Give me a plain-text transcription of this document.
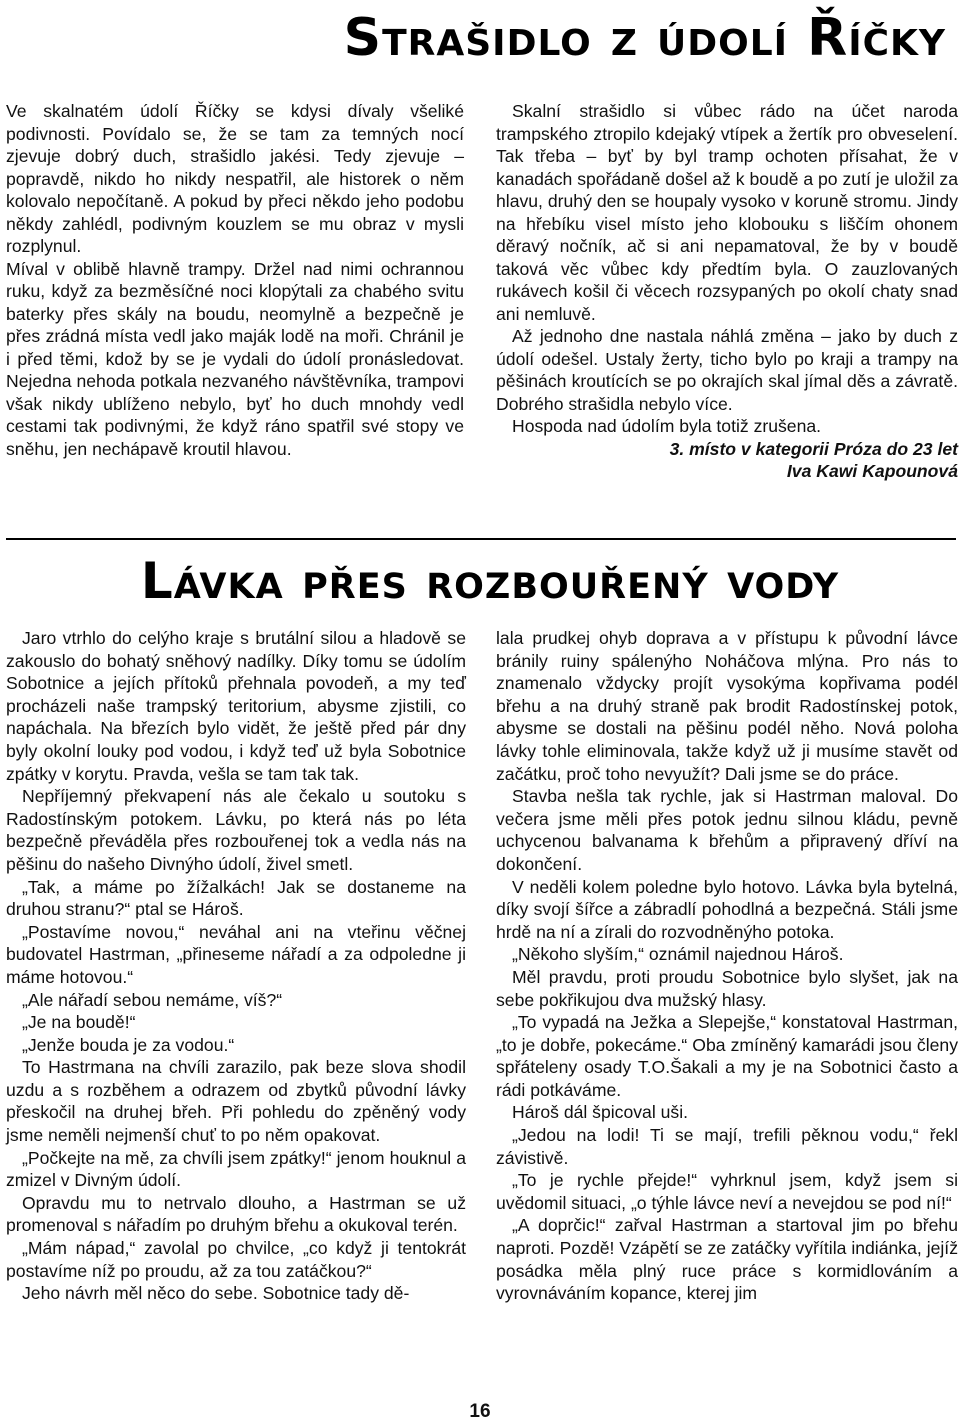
Strašidlo z údolí Říčky

Ve skalnatém údolí Říčky se kdysi dívaly všeliké podivnosti. Povídalo se, že se tam za temných nocí zjevuje dobrý duch, strašidlo jakési. Tedy zjevuje – popravdě, nikdo ho nikdy nespatřil, ale historek o něm kolovalo nepočítaně. A pokud by přeci někdo jeho podobu někdy zahlédl, podivným kouzlem se mu obraz v mysli rozplynul.

Míval v oblibě hlavně trampy. Držel nad nimi ochrannou ruku, když za bezměsíčné noci klopýtali za chabého svitu baterky přes skály na boudu, neomylně a bezpečně je přes zrádná místa vedl jako maják lodě na moři. Chránil je i před těmi, kdož by se je vydali do údolí pronásledovat. Nejedna nehoda potkala nezvaného návštěvníka, trampovi však nikdy ublíženo nebylo, byť ho duch mnohdy vedl cestami tak podivnými, že když ráno spatřil své stopy ve sněhu, jen nechápavě kroutil hlavou.

Skalní strašidlo si vůbec rádo na účet naroda trampského ztropilo kdejaký vtípek a žertík pro obveselení. Tak třeba – byť by byl tramp ochoten přísahat, že v kanadách spořádaně došel až k boudě a po zutí je uložil za hlavu, druhý den se houpaly vysoko v koruně stromu. Jindy na hřebíku visel místo jeho klobouku s liščím ohonem děravý nočník, ač si ani nepamatoval, že by v boudě taková věc vůbec kdy předtím byla. O zauzlovaných rukávech košil či věcech rozsypaných po okolí chaty snad ani nemluvě.

Až jednoho dne nastala náhlá změna – jako by duch z údolí odešel. Ustaly žerty, ticho bylo po kraji a trampy na pěšinách kroutících se po okrajích skal jímal děs a závratě. Dobrého strašidla nebylo více.

Hospoda nad údolím byla totiž zrušena.

3. místo v kategorii Próza do 23 let

Iva Kawi Kapounová

Lávka přes rozbouřený vody

Jaro vtrhlo do celýho kraje s brutální silou a hladově se zakouslo do bohatý sněhový nadílky. Díky tomu se údolím Sobotnice a jejích přítoků přehnala povodeň, a my teď procházeli naše trampský teritorium, abysme zjistili, co napáchala. Na březích bylo vidět, že ještě před pár dny byly okolní louky pod vodou, i když teď už byla Sobotnice zpátky v korytu. Pravda, vešla se tam tak tak.

Nepříjemný překvapení nás ale čekalo u soutoku s Radostínským potokem. Lávku, po která nás po léta bezpečně převáděla přes rozbouřenej tok a vedla nás na pěšinu do našeho Divnýho údolí, živel smetl.

„Tak, a máme po žížalkách! Jak se dostaneme na druhou stranu?“ ptal se Hároš.

„Postavíme novou,“ neváhal ani na vteřinu věčnej budovatel Hastrman, „přineseme nářadí a za odpoledne ji máme hotovou.“

„Ale nářadí sebou nemáme, víš?“

„Je na boudě!“

„Jenže bouda je za vodou.“

To Hastrmana na chvíli zarazilo, pak beze slova shodil uzdu a s rozběhem a odrazem od zbytků původní lávky přeskočil na druhej břeh. Při pohledu do zpěněný vody jsme neměli nejmenší chuť to po něm opakovat.

„Počkejte na mě, za chvíli jsem zpátky!“ jenom houknul a zmizel v Divným údolí.

Opravdu mu to netrvalo dlouho, a Hastrman se už promenoval s nářadím po druhým břehu a okukoval terén.

„Mám nápad,“ zavolal po chvilce, „co když ji tentokrát postavíme níž po proudu, až za tou zatáčkou?“

Jeho návrh měl něco do sebe. Sobotnice tady dě-

lala prudkej ohyb doprava a v přístupu k původní lávce bránily ruiny spálenýho Noháčova mlýna. Pro nás to znamenalo vždycky projít vysokýma kopřivama podél břehu a na druhý straně pak brodit Radostínskej potok, abysme se dostali na pěšinu podél něho. Nová poloha lávky tohle eliminovala, takže když už ji musíme stavět od začátku, proč toho nevyužít? Dali jsme se do práce.

Stavba nešla tak rychle, jak si Hastrman maloval. Do večera jsme měli přes potok jednu silnou kládu, pevně uchycenou balvanama k břehům a připravený dříví na dokončení.

V neděli kolem poledne bylo hotovo. Lávka byla bytelná, díky svojí šířce a zábradlí pohodlná a bezpečná. Stáli jsme hrdě na ní a zírali do rozvodněnýho potoka.

„Někoho slyším,“ oznámil najednou Hároš.

Měl pravdu, proti proudu Sobotnice bylo slyšet, jak na sebe pokřikujou dva mužský hlasy.

„To vypadá na Ježka a Slepejše,“ konstatoval Hastrman, „to je dobře, pokecáme.“ Oba zmíněný kamarádi jsou členy spřáteleny osady T.O.Šakali a my je na Sobotnici často a rádi potkáváme.

Hároš dál špicoval uši.

„Jedou na lodi! Ti se mají, trefili pěknou vodu,“ řekl závistivě.

„To je rychle přejde!“ vyhrknul jsem, když jsem si uvědomil situaci, „o týhle lávce neví a nevejdou se pod ní!“

„A doprčic!“ zařval Hastrman a startoval jim po břehu naproti. Pozdě! Vzápětí se ze zatáčky vyřítila indiánka, jejíž posádka měla plný ruce práce s kormidlováním a vyrovnáváním kopance, kterej jim

16
